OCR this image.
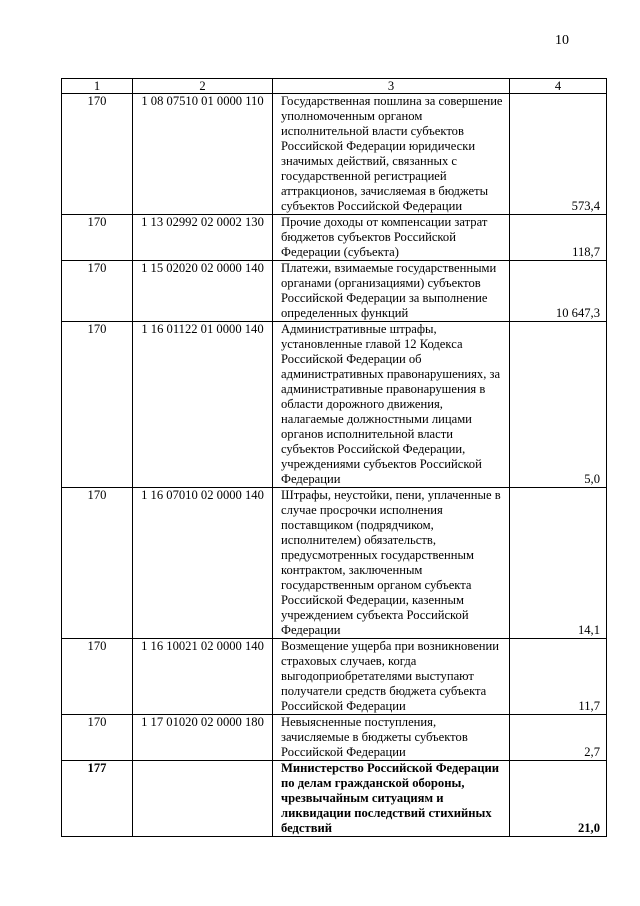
10
1	2	3	4
170	1 08 07510 01 0000 110	Государственная пошлина за совершение уполномоченным органом исполнительной власти субъектов Российской Федерации юридически значимых действий, связанных с государственной регистрацией аттракционов, зачисляемая в бюджеты субъектов Российской Федерации	573,4
170	1 13 02992 02 0002 130	Прочие доходы от компенсации затрат бюджетов субъектов Российской Федерации (субъекта)	118,7
170	1 15 02020 02 0000 140	Платежи, взимаемые государственными органами (организациями) субъектов Российской Федерации за выполнение определенных функций	10 647,3
170	1 16 01122 01 0000 140	Административные штрафы, установленные главой 12 Кодекса Российской Федерации об административных правонарушениях, за административные правонарушения в области дорожного движения, налагаемые должностными лицами органов исполнительной власти субъектов Российской Федерации, учреждениями субъектов Российской Федерации	5,0
170	1 16 07010 02 0000 140	Штрафы, неустойки, пени, уплаченные в случае просрочки исполнения поставщиком (подрядчиком, исполнителем) обязательств, предусмотренных государственным контрактом, заключенным государственным органом субъекта Российской Федерации, казенным учреждением субъекта Российской Федерации	14,1
170	1 16 10021 02 0000 140	Возмещение ущерба при возникновении страховых случаев, когда выгодоприобретателями выступают получатели средств бюджета субъекта Российской Федерации	11,7
170	1 17 01020 02 0000 180	Невыясненные поступления, зачисляемые в бюджеты субъектов Российской Федерации	2,7
177		Министерство Российской Федерации по делам гражданской обороны, чрезвычайным ситуациям и ликвидации последствий стихийных бедствий	21,0
